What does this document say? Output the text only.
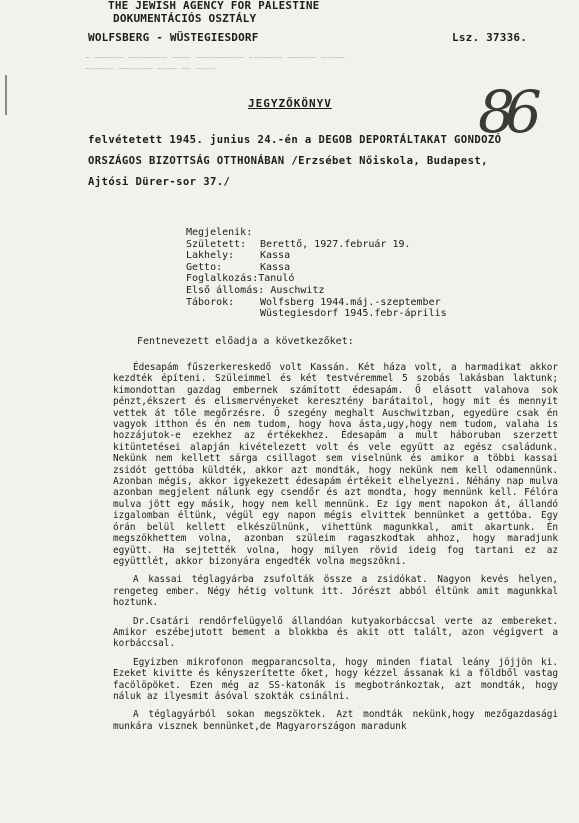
THE JEWISH AGENCY FOR PALESTINE
DOKUMENTÁCIÓS OSZTÁLY
WOLFSBERG - WÜSTEGIESDORF	Lsz. 37336.
~ ~~~~~~ ~~~~~~~~ ~~~~ ~~~~~~~~~~ ~~~~~~~ ~~~~~~ ~~~~~
~~~~~~ ~~~~~~~ ~~~~ ~~ ~~~~
86
JEGYZŐKÖNYV
felvétetett 1945. junius 24.-én a DEGOB DEPORTÁLTAKAT GONDOZÓ
ORSZÁGOS BIZOTTSÁG OTTHONÁBAN /Erzsébet Nőiskola, Budapest,
Ajtósi Dürer-sor 37./
Megjelenik:	
Született:	Berettő, 1927.február 19.
Lakhely:	Kassa
Getto:	Kassa
Foglalkozás:Tanuló	
Első állomás: Auschwitz	
Táborok:	Wolfsberg 1944.máj.-szeptember
	Wüstegiesdorf 1945.febr-április
Fentnevezett előadja a következőket:

Édesapám fűszerkereskedő volt Kassán. Két háza volt, a harmadikat akkor kezdték építeni. Szüleimmel és két testvéremmel 5 szobás lakásban laktunk; kimondottan gazdag embernek számított édesapám. Ő elásott valahova sok pénzt,ékszert és elismervényeket keresztény barátaitol, hogy mit és mennyit vettek át tőle megőrzésre. Ő szegény meghalt Auschwitzban, egyedüre csak én vagyok itthon és én nem tudom, hogy hova ásta,ugy,hogy nem tudom, valaha is hozzájutok-e ezekhez az értékekhez. Édesapám a mult háboruban szerzett kitüntetései alapján kivételezett volt és vele együtt az egész családunk. Nekünk nem kellett sárga csillagot sem viselnünk és amikor a többi kassai zsidót gettóba küldték, akkor azt mondták, hogy nekünk nem kell odamennünk. Azonban mégis, akkor igyekezett édesapám értékeit elhelyezni. Néhány nap mulva azonban megjelent nálunk egy csendőr és azt mondta, hogy mennünk kell. Félóra mulva jött egy másik, hogy nem kell mennünk. Ez igy ment napokon át, állandó izgalomban éltünk, végül egy napon mégis elvittek bennünket a gettóba. Egy órán belül kellett elkészülnünk, vihettünk magunkkal, amit akartunk. Én megszökhettem volna, azonban szüleim ragaszkodtak ahhoz, hogy maradjunk együtt. Ha sejtették volna, hogy milyen rövid ideig fog tartani ez az együttlét, akkor bizonyára engedték volna megszökni.

A kassai téglagyárba zsufolták össze a zsidókat. Nagyon kevés helyen, rengeteg ember. Négy hétig voltunk itt. Jórészt abból éltünk amit magunkkal hoztunk.

Dr.Csatári rendőrfelügyelő állandóan kutyakorbáccsal verte az embereket. Amikor eszébejutott bement a blokkba és akit ott talált, azon végigvert a korbáccsal.

Egyizben mikrofonon megparancsolta, hogy minden fiatal leány jöjjön ki. Ezeket kivitte és kényszerítette őket, hogy kézzel ássanak ki a földből vastag facölöpöket. Ezen még az SS-katonák is megbotránkoztak, azt mondták, hogy náluk az ilyesmit ásóval szokták csinálni.

A téglagyárból sokan megszöktek. Azt mondták nekünk,hogy mezőgazdasági munkára visznek bennünket,de Magyarországon maradunk
